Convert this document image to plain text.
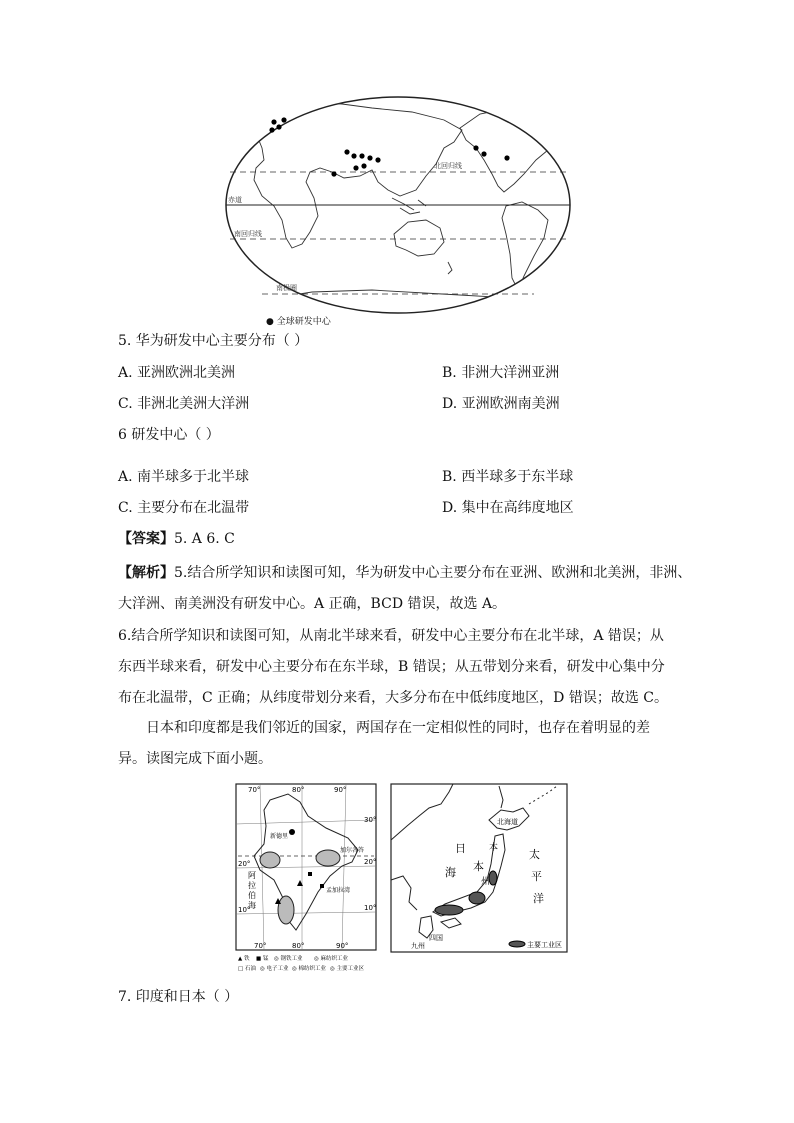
北回归线
赤道
南回归线
南极圈
● 全球研发中心
5. 华为研发中心主要分布（ ）
A. 亚洲欧洲北美洲	B. 非洲大洋洲亚洲
C. 非洲北美洲大洋洲	D. 亚洲欧洲南美洲
6 研发中心（ ）
A. 南半球多于北半球	B. 西半球多于东半球
C. 主要分布在北温带	D. 集中在高纬度地区
【答案】5. A 6. C
【解析】5.结合所学知识和读图可知，华为研发中心主要分布在亚洲、欧洲和北美洲，非洲、
大洋洲、南美洲没有研发中心。A 正确，BCD 错误，故选 A。
6.结合所学知识和读图可知，从南北半球来看，研发中心主要分布在北半球，A 错误；从
东西半球来看，研发中心主要分布在东半球，B 错误；从五带划分来看，研发中心集中分
布在北温带，C 正确；从纬度带划分来看，大多分布在中低纬度地区，D 错误；故选 C。
日本和印度都是我们邻近的国家，两国存在一定相似性的同时，也存在着明显的差
异。读图完成下面小题。
70°	80°	90°
30°
20°
10°
20°
10°
70°	80°	90°
新德里
加尔各答
孟加拉湾
阿
拉
伯
海
▲ 铁 ■ 锰 ◎ 钢铁工业 ◎ 麻纺织工业
□ 石油 ◎ 电子工业 ◎ 棉纺织工业 ◎ 主要工业区
北海道
本
州
日
本
海
太
平
洋
九州
四国
主要工业区
7. 印度和日本（ ）
